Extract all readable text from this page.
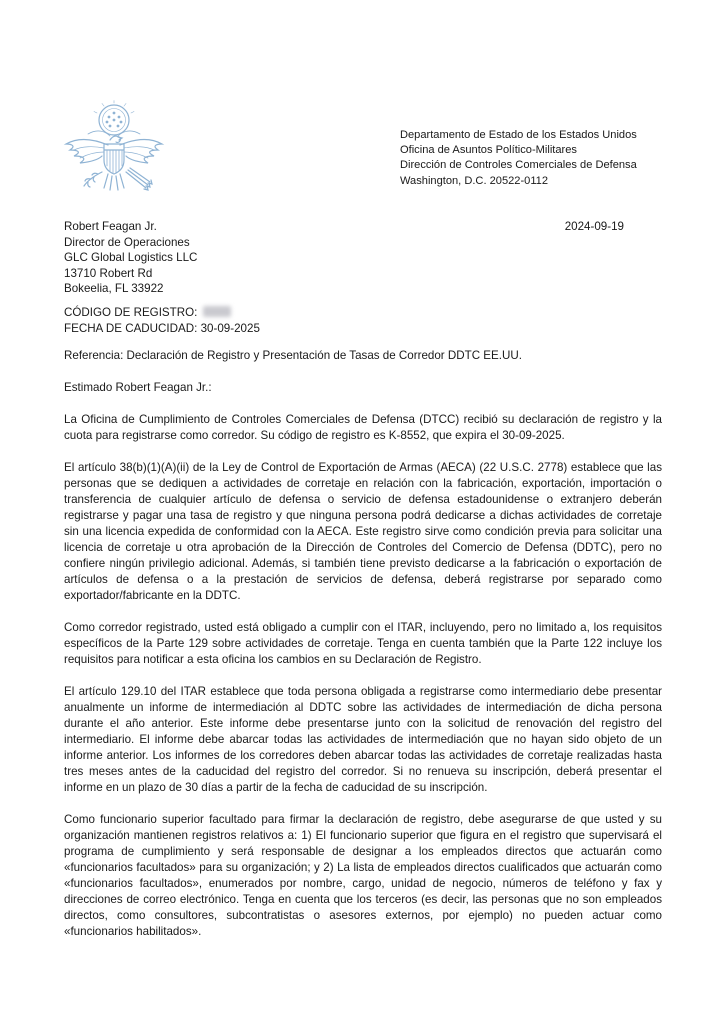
Departamento de Estado de los Estados Unidos
Oficina de Asuntos Político-Militares
Dirección de Controles Comerciales de Defensa
Washington, D.C. 20522-0112
2024-09-19
Robert Feagan Jr.
Director de Operaciones
GLC Global Logistics LLC
13710 Robert Rd
Bokeelia, FL 33922
CÓDIGO DE REGISTRO:
FECHA DE CADUCIDAD: 30-09-2025

Referencia: Declaración de Registro y Presentación de Tasas de Corredor DDTC EE.UU.

Estimado Robert Feagan Jr.:

La Oficina de Cumplimiento de Controles Comerciales de Defensa (DTCC) recibió su declaración de registro y la cuota para registrarse como corredor. Su código de registro es K-8552, que expira el 30-09-2025.

El artículo 38(b)(1)(A)(ii) de la Ley de Control de Exportación de Armas (AECA) (22 U.S.C. 2778) establece que las personas que se dediquen a actividades de corretaje en relación con la fabricación, exportación, importación o transferencia de cualquier artículo de defensa o servicio de defensa estadounidense o extranjero deberán registrarse y pagar una tasa de registro y que ninguna persona podrá dedicarse a dichas actividades de corretaje sin una licencia expedida de conformidad con la AECA. Este registro sirve como condición previa para solicitar una licencia de corretaje u otra aprobación de la Dirección de Controles del Comercio de Defensa (DDTC), pero no confiere ningún privilegio adicional. Además, si también tiene previsto dedicarse a la fabricación o exportación de artículos de defensa o a la prestación de servicios de defensa, deberá registrarse por separado como exportador/fabricante en la DDTC.

Como corredor registrado, usted está obligado a cumplir con el ITAR, incluyendo, pero no limitado a, los requisitos específicos de la Parte 129 sobre actividades de corretaje. Tenga en cuenta también que la Parte 122 incluye los requisitos para notificar a esta oficina los cambios en su Declaración de Registro.

El artículo 129.10 del ITAR establece que toda persona obligada a registrarse como intermediario debe presentar anualmente un informe de intermediación al DDTC sobre las actividades de intermediación de dicha persona durante el año anterior. Este informe debe presentarse junto con la solicitud de renovación del registro del intermediario. El informe debe abarcar todas las actividades de intermediación que no hayan sido objeto de un informe anterior. Los informes de los corredores deben abarcar todas las actividades de corretaje realizadas hasta tres meses antes de la caducidad del registro del corredor. Si no renueva su inscripción, deberá presentar el informe en un plazo de 30 días a partir de la fecha de caducidad de su inscripción.

Como funcionario superior facultado para firmar la declaración de registro, debe asegurarse de que usted y su organización mantienen registros relativos a: 1) El funcionario superior que figura en el registro que supervisará el programa de cumplimiento y será responsable de designar a los empleados directos que actuarán como «funcionarios facultados» para su organización; y 2) La lista de empleados directos cualificados que actuarán como «funcionarios facultados», enumerados por nombre, cargo, unidad de negocio, números de teléfono y fax y direcciones de correo electrónico. Tenga en cuenta que los terceros (es decir, las personas que no son empleados directos, como consultores, subcontratistas o asesores externos, por ejemplo) no pueden actuar como «funcionarios habilitados».
